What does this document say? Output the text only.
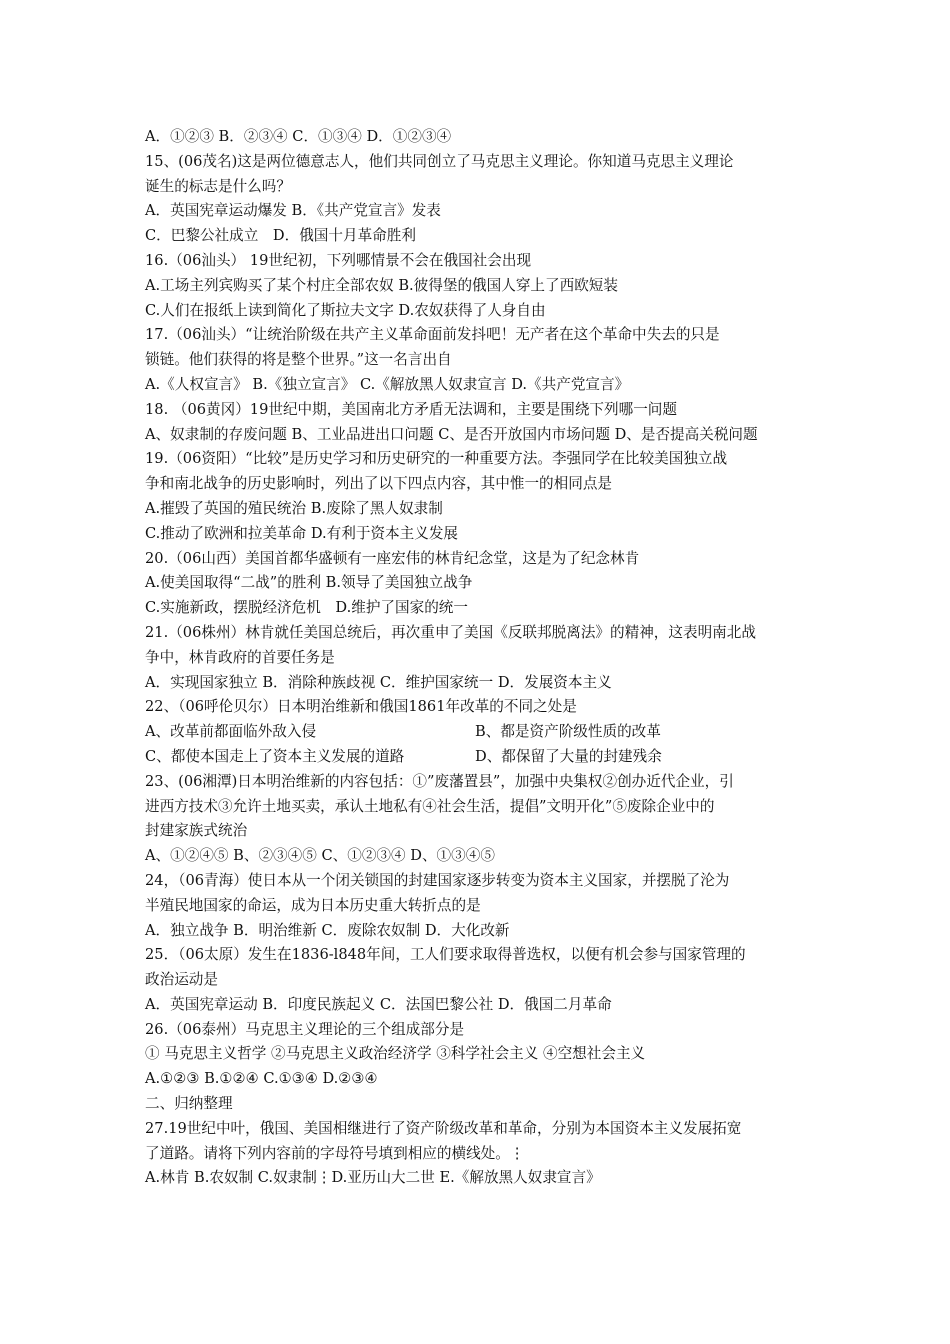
A．①②③ B．②③④ C．①③④ D．①②③④
15、(06茂名)这是两位德意志人，他们共同创立了马克思主义理论。你知道马克思主义理论
诞生的标志是什么吗？
A．英国宪章运动爆发 B．《共产党宣言》发表
C．巴黎公社成立　D．俄国十月革命胜利
16.（06汕头） 19世纪初，下列哪情景不会在俄国社会出现
A.工场主列宾购买了某个村庄全部农奴 B.彼得堡的俄国人穿上了西欧短装
C.人们在报纸上读到简化了斯拉夫文字 D.农奴获得了人身自由
17.（06汕头）“让统治阶级在共产主义革命面前发抖吧！无产者在这个革命中失去的只是
锁链。他们获得的将是整个世界。”这一名言出自
A.《人权宣言》 B.《独立宣言》 C.《解放黑人奴隶宣言 D.《共产党宣言》
18. （06黄冈）19世纪中期，美国南北方矛盾无法调和，主要是围绕下列哪一问题
A、奴隶制的存废问题 B、工业品进出口问题 C、是否开放国内市场问题 D、是否提高关税问题
19.（06资阳）“比较”是历史学习和历史研究的一种重要方法。李强同学在比较美国独立战
争和南北战争的历史影响时，列出了以下四点内容，其中惟一的相同点是
A.摧毁了英国的殖民统治 B.废除了黑人奴隶制
C.推动了欧洲和拉美革命 D.有利于资本主义发展
20.（06山西）美国首都华盛顿有一座宏伟的林肯纪念堂，这是为了纪念林肯
A.使美国取得“二战”的胜利 B.领导了美国独立战争
C.实施新政，摆脱经济危机　D.维护了国家的统一
21.（06株州）林肯就任美国总统后，再次重申了美国《反联邦脱离法》的精神，这表明南北战
争中，林肯政府的首要任务是
A．实现国家独立 B．消除种族歧视 C．维护国家统一 D．发展资本主义
22、（06呼伦贝尔）日本明治维新和俄国1861年改革的不同之处是
A、改革前都面临外敌入侵	B、都是资产阶级性质的改革
C、都使本国走上了资本主义发展的道路	D、都保留了大量的封建残余
23、(06湘潭)日本明治维新的内容包括：①”废藩置县”，加强中央集权②创办近代企业，引
进西方技术③允许土地买卖，承认土地私有④社会生活，提倡”文明开化”⑤废除企业中的
封建家族式统治
A、①②④⑤ B、②③④⑤ C、①②③④ D、①③④⑤
24，（06青海）使日本从一个闭关锁国的封建国家逐步转变为资本主义国家，并摆脱了沦为
半殖民地国家的命运，成为日本历史重大转折点的是
A．独立战争 B．明治维新 C．废除农奴制 D．大化改新
25．（06太原）发生在1836-l848年间，工人们要求取得普选权，以便有机会参与国家管理的
政治运动是
A．英国宪章运动 B．印度民族起义 C．法国巴黎公社 D．俄国二月革命
26.（06泰州）马克思主义理论的三个组成部分是
① 马克思主义哲学 ②马克思主义政治经济学 ③科学社会主义 ④空想社会主义
A.①②③ B.①②④ C.①③④ D.②③④
二、归纳整理
27.19世纪中叶，俄国、美国相继进行了资产阶级改革和革命，分别为本国资本主义发展拓宽
了道路。请将下列内容前的字母符号填到相应的横线处。⋮
A.林肯 B.农奴制 C.奴隶制⋮D.亚历山大二世 E.《解放黑人奴隶宣言》
